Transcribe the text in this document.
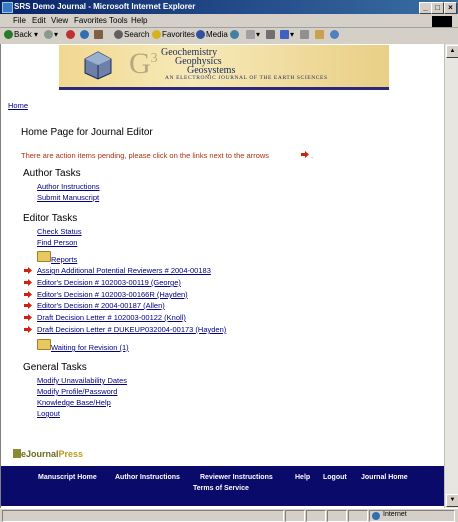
SRS Demo Journal - Microsoft Internet Explorer	_ □	×
File Edit View Favorites Tools Help
Back ▾	▾	Search	Favorites	Media	▾	▾
$G^3$ Geochemistry
Geophysics
Geosystems
AN ELECTRONIC JOURNAL OF THE EARTH SCIENCES
Home
Home Page for Journal Editor
There are action items pending, please click on the links next to the arrows	.
Author Tasks
Author Instructions
Submit Manuscript
Editor Tasks
Check Status
Find Person
Reports
Assign Additional Potential Reviewers # 2004-00183
Editor's Decision # 102003-00119 (George)
Editor's Decision # 102003-00166R (Hayden)
Editor's Decision # 2004-00187 (Allen)
Draft Decision Letter # 102003-00122 (Knoll)
Draft Decision Letter # DUKEUP032004-00173 (Hayden)
Waiting for Revision (1)
General Tasks
Modify Unavailability Dates
Modify Profile/Password
Knowledge Base/Help
Logout
eJournalPress
Manuscript Home	Author Instructions	Reviewer Instructions	Help Logout Journal Home
Terms of Service
▲
▼
Internet
